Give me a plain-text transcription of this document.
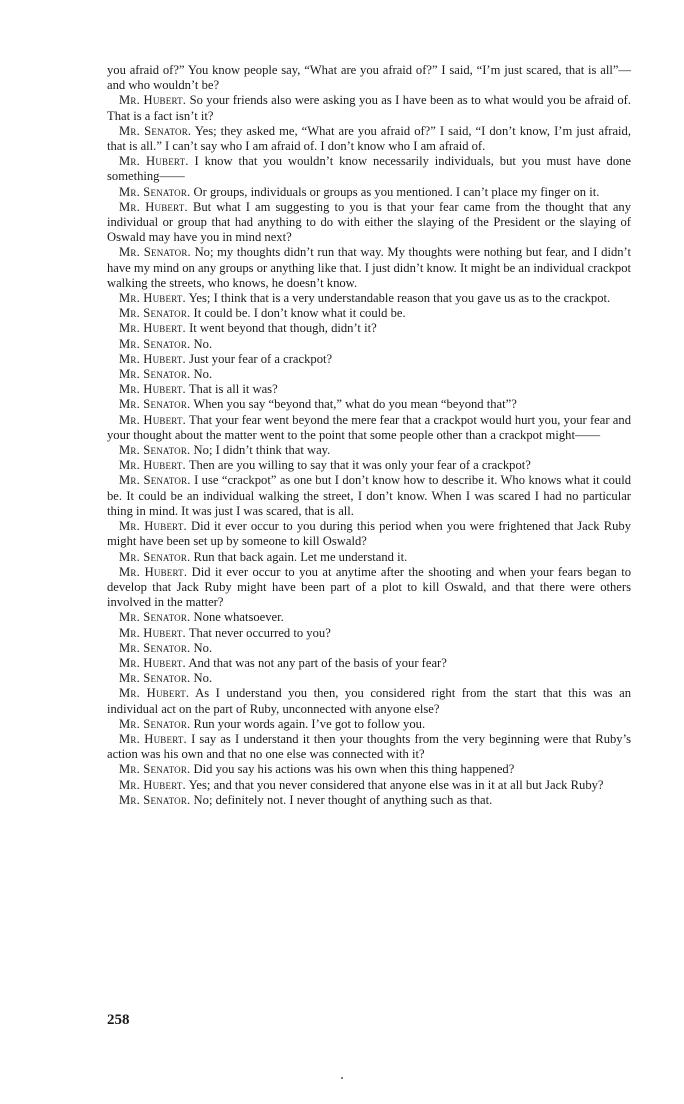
you afraid of?” You know people say, “What are you afraid of?” I said, “I’m just scared, that is all”—and who wouldn’t be?

Mr. Hubert. So your friends also were asking you as I have been as to what would you be afraid of. That is a fact isn’t it?

Mr. Senator. Yes; they asked me, “What are you afraid of?” I said, “I don’t know, I’m just afraid, that is all.” I can’t say who I am afraid of. I don’t know who I am afraid of.

Mr. Hubert. I know that you wouldn’t know necessarily individuals, but you must have done something——

Mr. Senator. Or groups, individuals or groups as you mentioned. I can’t place my finger on it.

Mr. Hubert. But what I am suggesting to you is that your fear came from the thought that any individual or group that had anything to do with either the slaying of the President or the slaying of Oswald may have you in mind next?

Mr. Senator. No; my thoughts didn’t run that way. My thoughts were nothing but fear, and I didn’t have my mind on any groups or anything like that. I just didn’t know. It might be an individual crackpot walking the streets, who knows, he doesn’t know.

Mr. Hubert. Yes; I think that is a very understandable reason that you gave us as to the crackpot.

Mr. Senator. It could be. I don’t know what it could be.

Mr. Hubert. It went beyond that though, didn’t it?

Mr. Senator. No.

Mr. Hubert. Just your fear of a crackpot?

Mr. Senator. No.

Mr. Hubert. That is all it was?

Mr. Senator. When you say “beyond that,” what do you mean “beyond that”?

Mr. Hubert. That your fear went beyond the mere fear that a crackpot would hurt you, your fear and your thought about the matter went to the point that some people other than a crackpot might——

Mr. Senator. No; I didn’t think that way.

Mr. Hubert. Then are you willing to say that it was only your fear of a crackpot?

Mr. Senator. I use “crackpot” as one but I don’t know how to describe it. Who knows what it could be. It could be an individual walking the street, I don’t know. When I was scared I had no particular thing in mind. It was just I was scared, that is all.

Mr. Hubert. Did it ever occur to you during this period when you were frightened that Jack Ruby might have been set up by someone to kill Oswald?

Mr. Senator. Run that back again. Let me understand it.

Mr. Hubert. Did it ever occur to you at anytime after the shooting and when your fears began to develop that Jack Ruby might have been part of a plot to kill Oswald, and that there were others involved in the matter?

Mr. Senator. None whatsoever.

Mr. Hubert. That never occurred to you?

Mr. Senator. No.

Mr. Hubert. And that was not any part of the basis of your fear?

Mr. Senator. No.

Mr. Hubert. As I understand you then, you considered right from the start that this was an individual act on the part of Ruby, unconnected with anyone else?

Mr. Senator. Run your words again. I’ve got to follow you.

Mr. Hubert. I say as I understand it then your thoughts from the very beginning were that Ruby’s action was his own and that no one else was connected with it?

Mr. Senator. Did you say his actions was his own when this thing happened?

Mr. Hubert. Yes; and that you never considered that anyone else was in it at all but Jack Ruby?

Mr. Senator. No; definitely not. I never thought of anything such as that.

258
